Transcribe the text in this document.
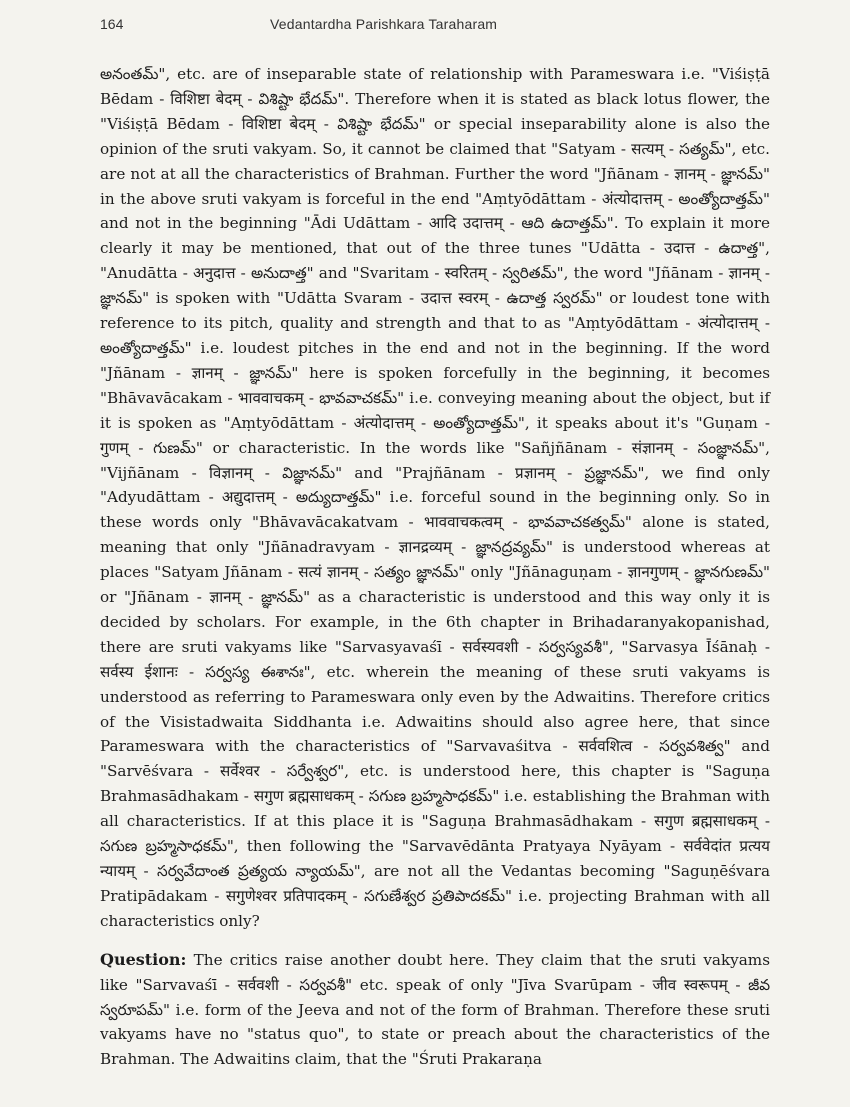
164	Vedantardha Parishkara Taraharam

అనంతమ్", etc. are of inseparable state of relationship with Parameswara i.e. "Viśiṣṭā Bēdam - विशिष्टा बेदम् - విశిష్టా భేదమ్". Therefore when it is stated as black lotus flower, the "Viśiṣṭā Bēdam - विशिष्टा बेदम् - విశిష్టా భేదమ్" or special inseparability alone is also the opinion of the sruti vakyam. So, it cannot be claimed that "Satyam - सत्यम् - సత్యమ్", etc. are not at all the characteristics of Brahman. Further the word "Jñānam - ज्ञानम् - జ్ఞానమ్" in the above sruti vakyam is forceful in the end "Aṃtyōdāttam - अंत्योदात्तम् - అంత్యోదాత్తమ్" and not in the beginning "Ādi Udāttam - आदि उदात्तम् - ఆది ఉదాత్తమ్". To explain it more clearly it may be mentioned, that out of the three tunes "Udātta - उदात्त - ఉదాత్త", "Anudātta - अनुदात्त - అనుదాత్త" and "Svaritam - स्वरितम् - స్వరితమ్", the word "Jñānam - ज्ञानम् - జ్ఞానమ్" is spoken with "Udātta Svaram - उदात्त स्वरम् - ఉదాత్త స్వరమ్" or loudest tone with reference to its pitch, quality and strength and that to as "Aṃtyōdāttam - अंत्योदात्तम् - అంత్యోదాత్తమ్" i.e. loudest pitches in the end and not in the beginning. If the word "Jñānam - ज्ञानम् - జ్ఞానమ్" here is spoken forcefully in the beginning, it becomes "Bhāvavācakam - भाववाचकम् - భావవాచకమ్" i.e. conveying meaning about the object, but if it is spoken as "Aṃtyōdāttam - अंत्योदात्तम् - అంత్యోదాత్తమ్", it speaks about it's "Guṇam - गुणम् - గుణమ్" or characteristic. In the words like "Sañjñānam - संज्ञानम् - సంజ్ఞానమ్", "Vijñānam - विज्ञानम् - విజ్ఞానమ్" and "Prajñānam - प्रज्ञानम् - ప్రజ్ఞానమ్", we find only "Adyudāttam - अद्युदात्तम् - అద్యుదాత్తమ్" i.e. forceful sound in the beginning only. So in these words only "Bhāvavācakatvam - भाववाचकत्वम् - భావవాచకత్వమ్" alone is stated, meaning that only "Jñānadravyam - ज्ञानद्रव्यम् - జ్ఞానద్రవ్యమ్" is understood whereas at places "Satyam Jñānam - सत्यं ज्ञानम् - సత్యం జ్ఞానమ్" only "Jñānaguṇam - ज्ञानगुणम् - జ్ఞానగుణమ్" or "Jñānam - ज्ञानम् - జ్ఞానమ్" as a characteristic is understood and this way only it is decided by scholars. For example, in the 6th chapter in Brihadaranyakopanishad, there are sruti vakyams like "Sarvasyavaśī - सर्वस्यवशी - సర్వస్యవశీ", "Sarvasya Īśānaḥ - सर्वस्य ईशानः - సర్వస్య ఈశానః", etc. wherein the meaning of these sruti vakyams is understood as referring to Parameswara only even by the Adwaitins. Therefore critics of the Visistadwaita Siddhanta i.e. Adwaitins should also agree here, that since Parameswara with the characteristics of "Sarvavaśitva - सर्ववशित्व - సర్వవశిత్వ" and "Sarvēśvara - सर्वेश्वर - సర్వేశ్వర", etc. is understood here, this chapter is "Saguṇa Brahmasādhakam - सगुण ब्रह्मसाधकम् - సగుణ బ్రహ్మసాధకమ్" i.e. establishing the Brahman with all characteristics. If at this place it is "Saguṇa Brahmasādhakam - सगुण ब्रह्मसाधकम् - సగుణ బ్రహ్మసాధకమ్", then following the "Sarvavēdānta Pratyaya Nyāyam - सर्ववेदांत प्रत्यय न्यायम् - సర్వవేదాంత ప్రత్యయ న్యాయమ్", are not all the Vedantas becoming "Saguṇēśvara Pratipādakam - सगुणेश्वर प्रतिपादकम् - సగుణేశ్వర ప్రతిపాదకమ్" i.e. projecting Brahman with all characteristics only?

Question: The critics raise another doubt here. They claim that the sruti vakyams like "Sarvavaśī - सर्ववशी - సర్వవశీ" etc. speak of only "Jīva Svarūpam - जीव स्वरूपम् - జీవ స్వరూపమ్" i.e. form of the Jeeva and not of the form of Brahman. Therefore these sruti vakyams have no "status quo", to state or preach about the characteristics of the Brahman. The Adwaitins claim, that the "Śruti Prakaraṇa
